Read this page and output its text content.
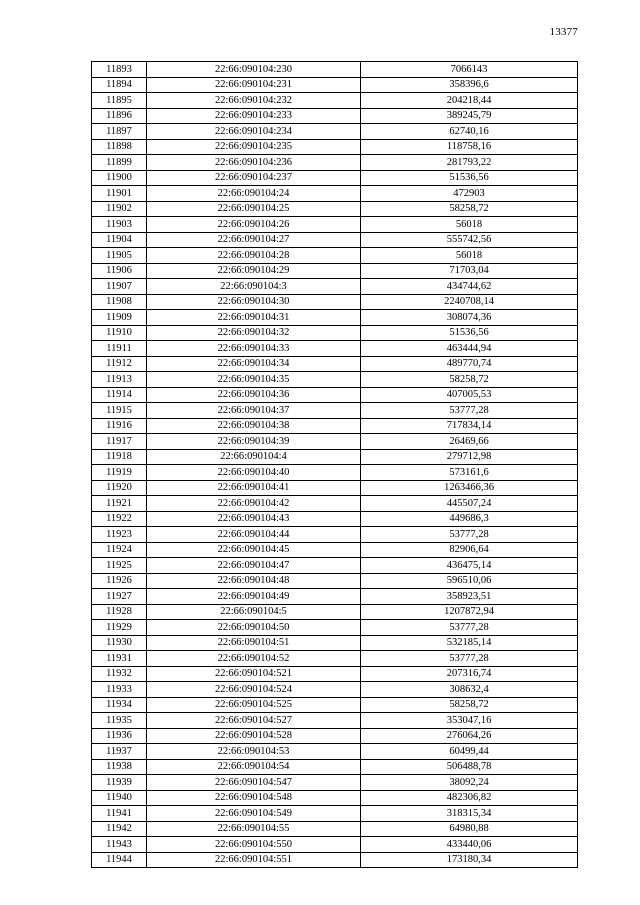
13377
11893	22:66:090104:230	7066143
11894	22:66:090104:231	358396,6
11895	22:66:090104:232	204218,44
11896	22:66:090104:233	389245,79
11897	22:66:090104:234	62740,16
11898	22:66:090104:235	118758,16
11899	22:66:090104:236	281793,22
11900	22:66:090104:237	51536,56
11901	22:66:090104:24	472903
11902	22:66:090104:25	58258,72
11903	22:66:090104:26	56018
11904	22:66:090104:27	555742,56
11905	22:66:090104:28	56018
11906	22:66:090104:29	71703,04
11907	22:66:090104:3	434744,62
11908	22:66:090104:30	2240708,14
11909	22:66:090104:31	308074,36
11910	22:66:090104:32	51536,56
11911	22:66:090104:33	463444,94
11912	22:66:090104:34	489770,74
11913	22:66:090104:35	58258,72
11914	22:66:090104:36	407005,53
11915	22:66:090104:37	53777,28
11916	22:66:090104:38	717834,14
11917	22:66:090104:39	26469,66
11918	22:66:090104:4	279712,98
11919	22:66:090104:40	573161,6
11920	22:66:090104:41	1263466,36
11921	22:66:090104:42	445507,24
11922	22:66:090104:43	449686,3
11923	22:66:090104:44	53777,28
11924	22:66:090104:45	82906,64
11925	22:66:090104:47	436475,14
11926	22:66:090104:48	596510,06
11927	22:66:090104:49	358923,51
11928	22:66:090104:5	1207872,94
11929	22:66:090104:50	53777,28
11930	22:66:090104:51	532185,14
11931	22:66:090104:52	53777,28
11932	22:66:090104:521	207316,74
11933	22:66:090104:524	308632,4
11934	22:66:090104:525	58258,72
11935	22:66:090104:527	353047,16
11936	22:66:090104:528	276064,26
11937	22:66:090104:53	60499,44
11938	22:66:090104:54	506488,78
11939	22:66:090104:547	38092,24
11940	22:66:090104:548	482306,82
11941	22:66:090104:549	318315,34
11942	22:66:090104:55	64980,88
11943	22:66:090104:550	433440,06
11944	22:66:090104:551	173180,34
